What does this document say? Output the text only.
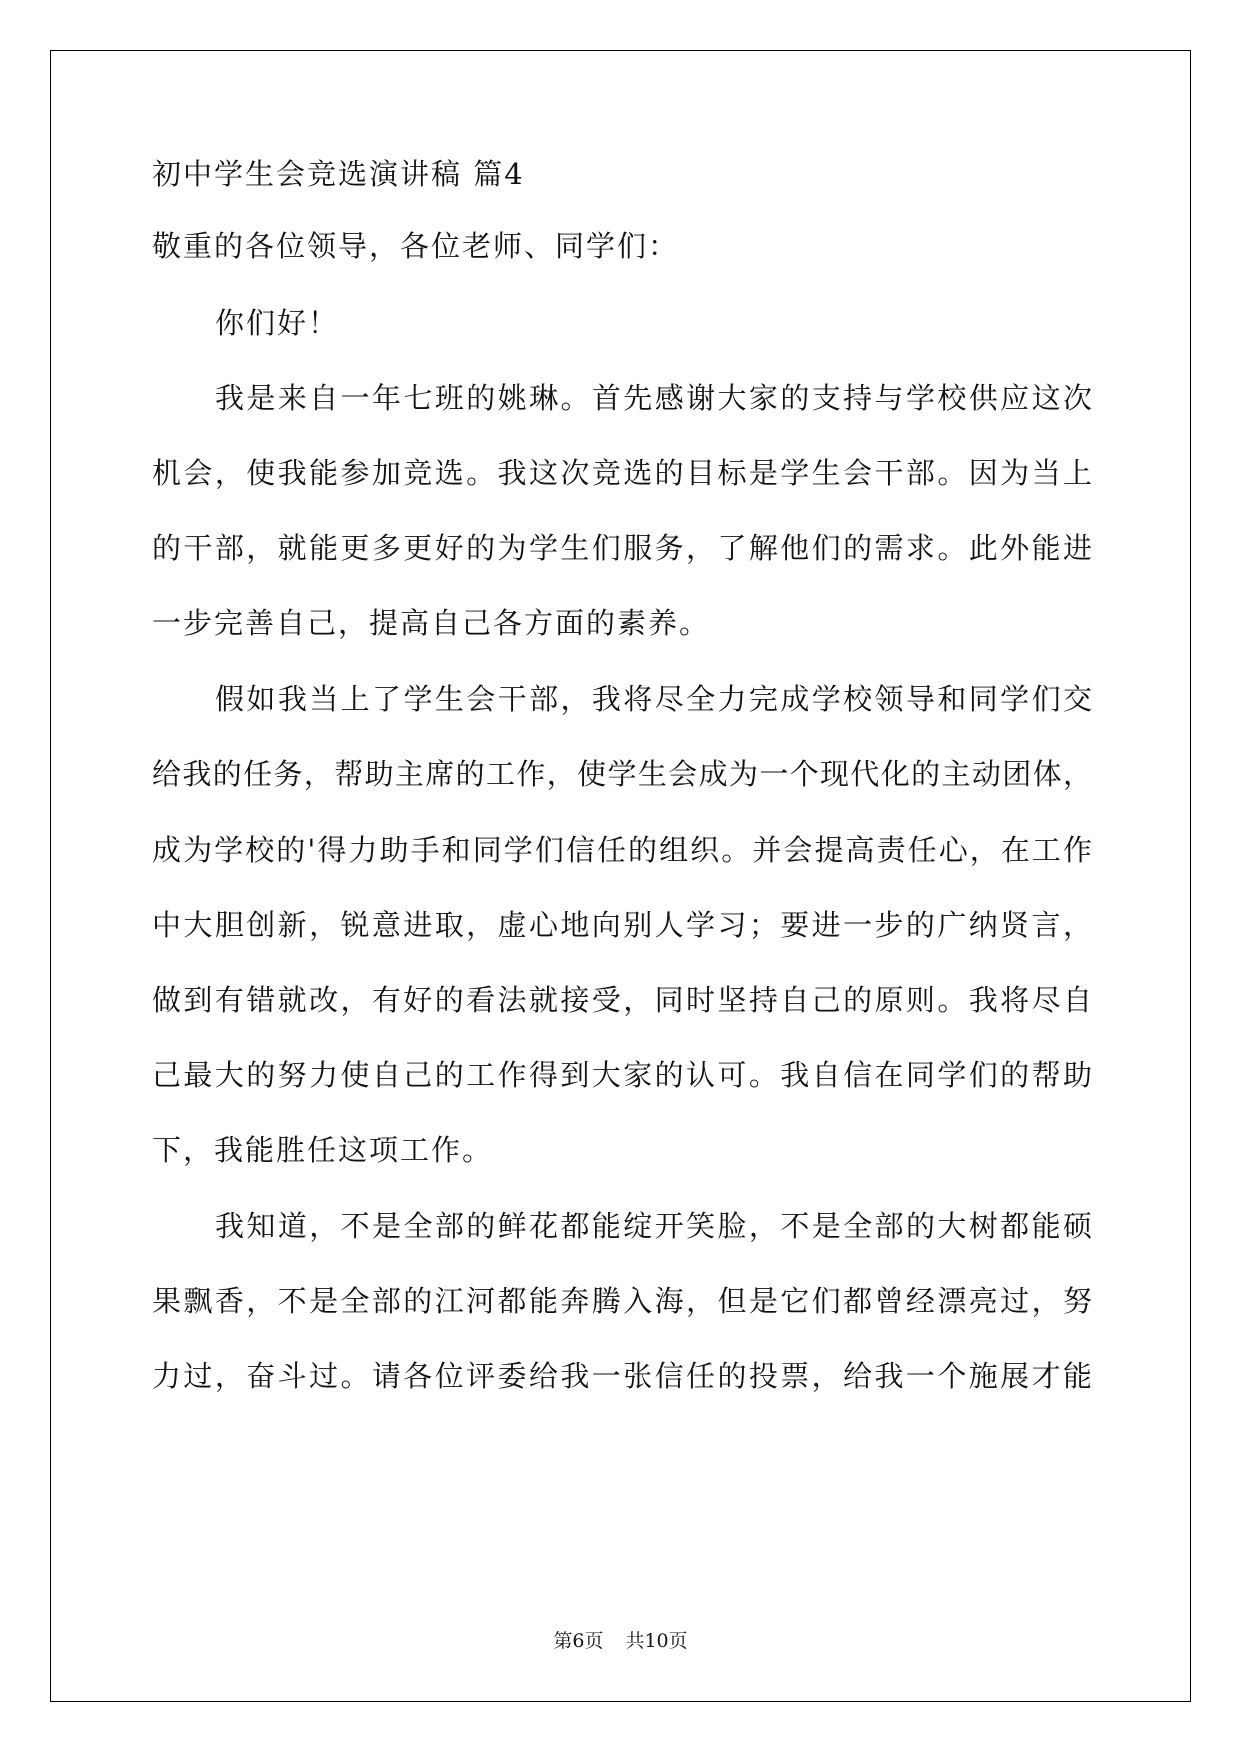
初中学生会竞选演讲稿 篇4
敬重的各位领导，各位老师、同学们：
你们好！
我是来自一年七班的姚琳。首先感谢大家的支持与学校供应这次
机会，使我能参加竞选。我这次竞选的目标是学生会干部。因为当上
的干部，就能更多更好的为学生们服务，了解他们的需求。此外能进
一步完善自己，提高自己各方面的素养。
假如我当上了学生会干部，我将尽全力完成学校领导和同学们交
给我的任务，帮助主席的工作，使学生会成为一个现代化的主动团体，
成为学校的'得力助手和同学们信任的组织。并会提高责任心，在工作
中大胆创新，锐意进取，虚心地向别人学习；要进一步的广纳贤言，
做到有错就改，有好的看法就接受，同时坚持自己的原则。我将尽自
己最大的努力使自己的工作得到大家的认可。我自信在同学们的帮助
下，我能胜任这项工作。
我知道，不是全部的鲜花都能绽开笑脸，不是全部的大树都能硕
果飘香，不是全部的江河都能奔腾入海，但是它们都曾经漂亮过，努
力过，奋斗过。请各位评委给我一张信任的投票，给我一个施展才能
第6页 共10页
